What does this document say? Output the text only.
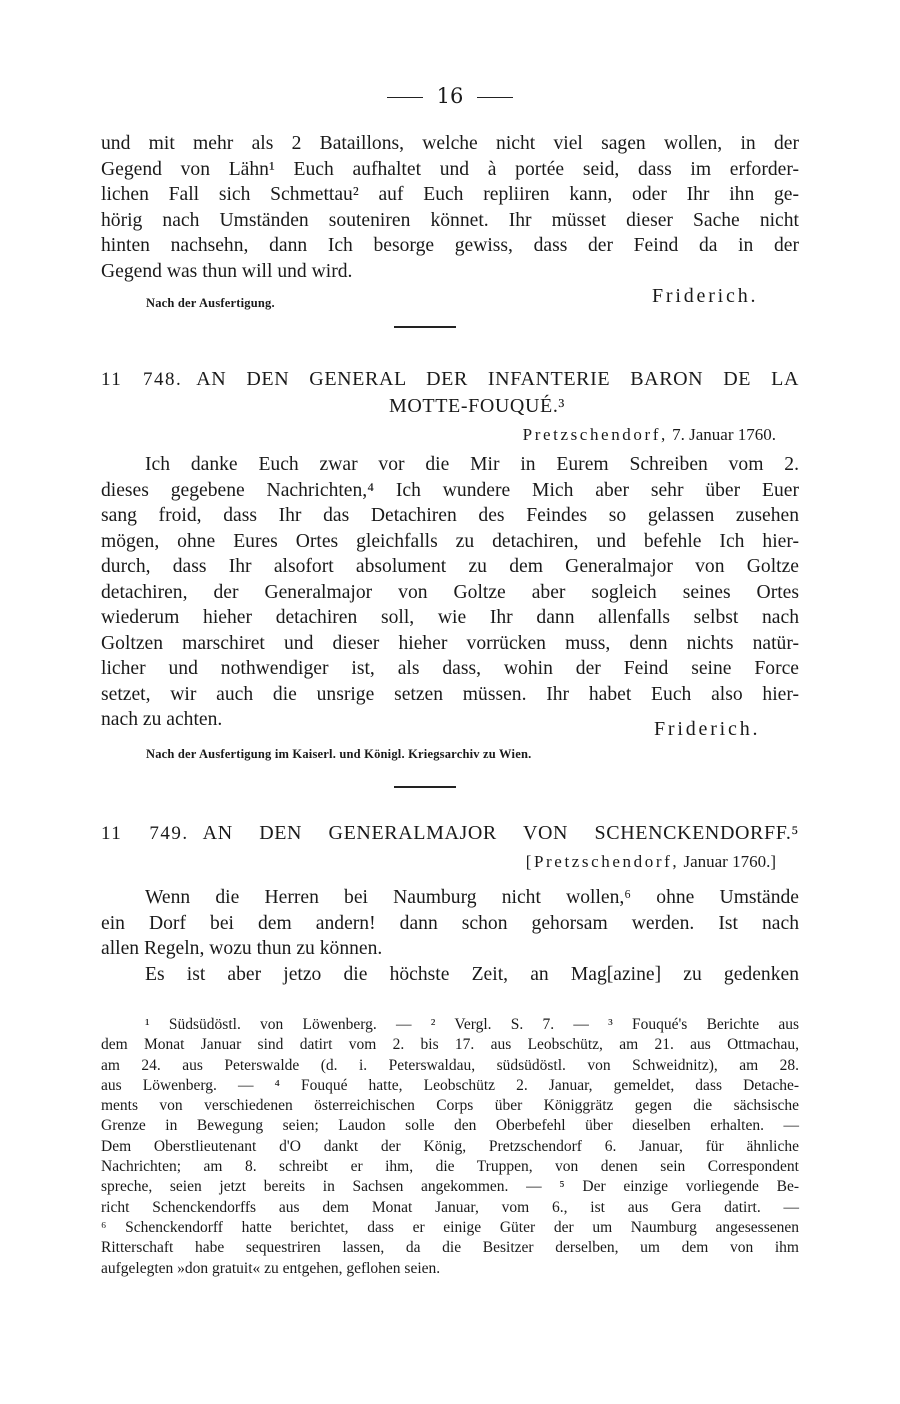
16
und mit mehr als 2 Bataillons, welche nicht viel sagen wollen, in der
Gegend von Lähn¹ Euch aufhaltet und à portée seid, dass im erforder-
lichen Fall sich Schmettau² auf Euch repliiren kann, oder Ihr ihn ge-
hörig nach Umständen souteniren könnet. Ihr müsset dieser Sache nicht
hinten nachsehn, dann Ich besorge gewiss, dass der Feind da in der
Gegend was thun will und wird.
Nach der Ausfertigung.	Friderich.
11 748. AN DEN GENERAL DER INFANTERIE BARON DE LA
MOTTE-FOUQUÉ.³
Pretzschendorf, 7. Januar 1760.
Ich danke Euch zwar vor die Mir in Eurem Schreiben vom 2.
dieses gegebene Nachrichten,⁴ Ich wundere Mich aber sehr über Euer
sang froid, dass Ihr das Detachiren des Feindes so gelassen zusehen
mögen, ohne Eures Ortes gleichfalls zu detachiren, und befehle Ich hier-
durch, dass Ihr alsofort absolument zu dem Generalmajor von Goltze
detachiren, der Generalmajor von Goltze aber sogleich seines Ortes
wiederum hieher detachiren soll, wie Ihr dann allenfalls selbst nach
Goltzen marschiret und dieser hieher vorrücken muss, denn nichts natür-
licher und nothwendiger ist, als dass, wohin der Feind seine Force
setzet, wir auch die unsrige setzen müssen. Ihr habet Euch also hier-
nach zu achten.	Friderich.
Nach der Ausfertigung im Kaiserl. und Königl. Kriegsarchiv zu Wien.
11 749. AN DEN GENERALMAJOR VON SCHENCKENDORFF.⁵
[Pretzschendorf, Januar 1760.]
Wenn die Herren bei Naumburg nicht wollen,⁶ ohne Umstände
ein Dorf bei dem andern! dann schon gehorsam werden. Ist nach
allen Regeln, wozu thun zu können.
Es ist aber jetzo die höchste Zeit, an Mag[azine] zu gedenken
¹ Südsüdöstl. von Löwenberg. — ² Vergl. S. 7. — ³ Fouqué's Berichte aus
dem Monat Januar sind datirt vom 2. bis 17. aus Leobschütz, am 21. aus Ottmachau,
am 24. aus Peterswalde (d. i. Peterswaldau, südsüdöstl. von Schweidnitz), am 28.
aus Löwenberg. — ⁴ Fouqué hatte, Leobschütz 2. Januar, gemeldet, dass Detache-
ments von verschiedenen österreichischen Corps über Königgrätz gegen die sächsische
Grenze in Bewegung seien; Laudon solle den Oberbefehl über dieselben erhalten. —
Dem Oberstlieutenant d'O dankt der König, Pretzschendorf 6. Januar, für ähnliche
Nachrichten; am 8. schreibt er ihm, die Truppen, von denen sein Correspondent
spreche, seien jetzt bereits in Sachsen angekommen. — ⁵ Der einzige vorliegende Be-
richt Schenckendorffs aus dem Monat Januar, vom 6., ist aus Gera datirt. —
⁶ Schenckendorff hatte berichtet, dass er einige Güter der um Naumburg angesessenen
Ritterschaft habe sequestriren lassen, da die Besitzer derselben, um dem von ihm
aufgelegten »don gratuit« zu entgehen, geflohen seien.
